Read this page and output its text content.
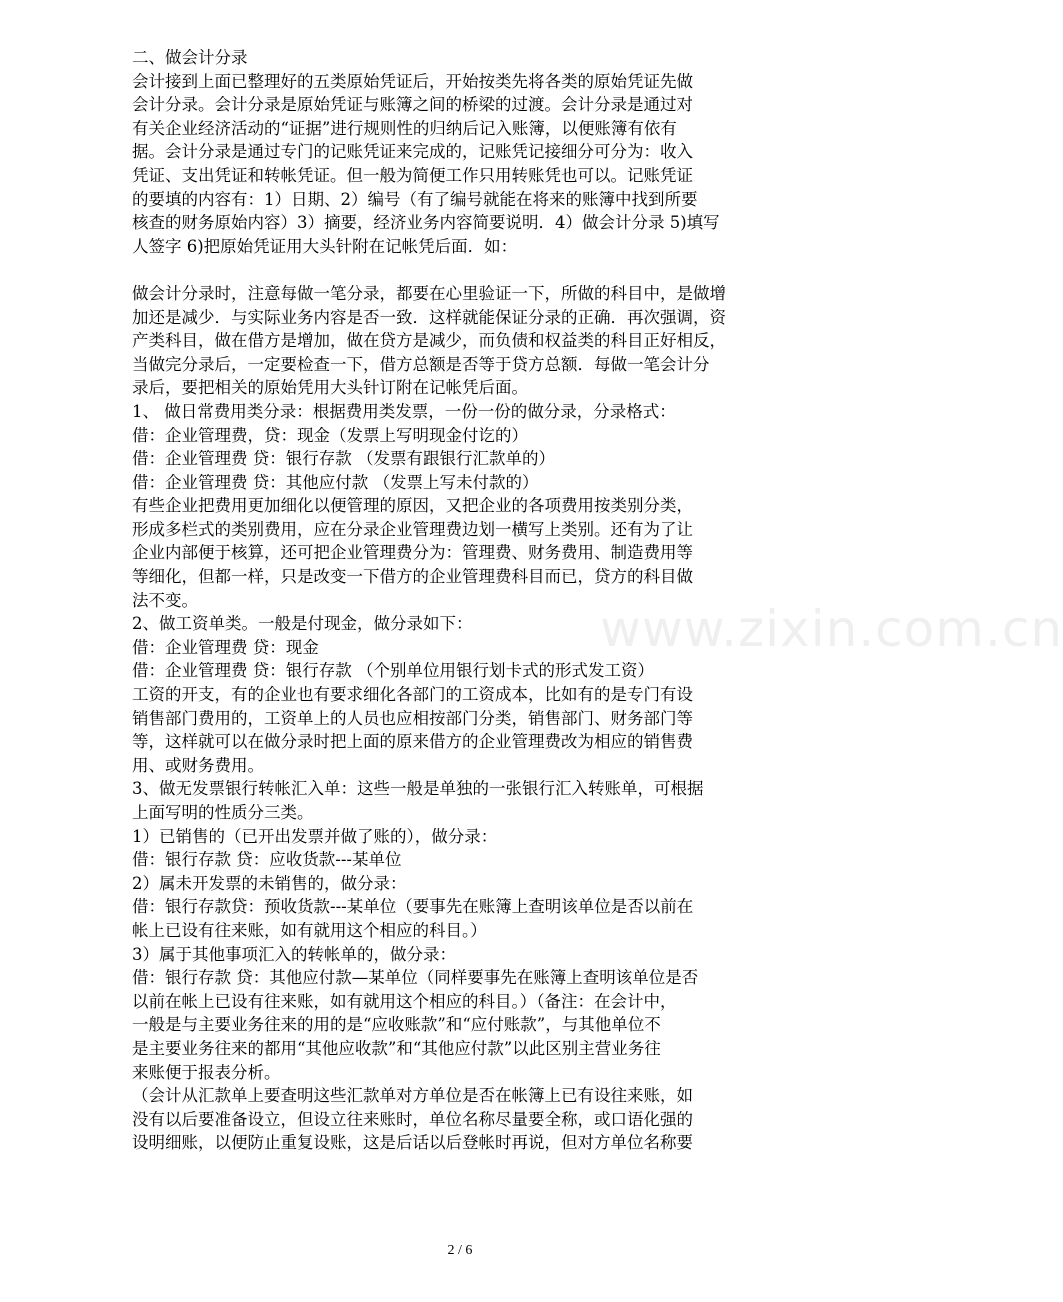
二、做会计分录
会计接到上面已整理好的五类原始凭证后，开始按类先将各类的原始凭证先做
会计分录。会计分录是原始凭证与账簿之间的桥梁的过渡。会计分录是通过对
有关企业经济活动的“证据”进行规则性的归纳后记入账簿，以便账簿有依有
据。会计分录是通过专门的记账凭证来完成的，记账凭记接细分可分为：收入
凭证、支出凭证和转帐凭证。但一般为简便工作只用转账凭也可以。记账凭证
的要填的内容有：1）日期、2）编号（有了编号就能在将来的账簿中找到所要
核查的财务原始内容）3）摘要，经济业务内容简要说明．4）做会计分录 5)填写
人签字 6)把原始凭证用大头针附在记帐凭后面．如：
做会计分录时，注意每做一笔分录，都要在心里验证一下，所做的科目中，是做增
加还是减少．与实际业务内容是否一致．这样就能保证分录的正确．再次强调，资
产类科目，做在借方是增加，做在贷方是减少，而负债和权益类的科目正好相反，
当做完分录后，一定要检查一下，借方总额是否等于贷方总额．每做一笔会计分
录后，要把相关的原始凭用大头针订附在记帐凭后面。
1、 做日常费用类分录：根据费用类发票，一份一份的做分录，分录格式：
借：企业管理费，贷：现金（发票上写明现金付讫的）
借：企业管理费 贷：银行存款 （发票有跟银行汇款单的）
借：企业管理费 贷：其他应付款 （发票上写未付款的）
有些企业把费用更加细化以便管理的原因，又把企业的各项费用按类别分类，
形成多栏式的类别费用，应在分录企业管理费边划一横写上类别。还有为了让
企业内部便于核算，还可把企业管理费分为：管理费、财务费用、制造费用等
等细化，但都一样，只是改变一下借方的企业管理费科目而已，贷方的科目做
法不变。
2、做工资单类。一般是付现金，做分录如下：
借：企业管理费 贷：现金
借：企业管理费 贷：银行存款 （个别单位用银行划卡式的形式发工资）
工资的开支，有的企业也有要求细化各部门的工资成本，比如有的是专门有设
销售部门费用的，工资单上的人员也应相按部门分类，销售部门、财务部门等
等，这样就可以在做分录时把上面的原来借方的企业管理费改为相应的销售费
用、或财务费用。
3、做无发票银行转帐汇入单：这些一般是单独的一张银行汇入转账单，可根据
上面写明的性质分三类。
1）已销售的（已开出发票并做了账的），做分录：
借：银行存款 贷：应收货款---某单位
2）属未开发票的未销售的，做分录：
借：银行存款贷：预收货款---某单位（要事先在账簿上查明该单位是否以前在
帐上已设有往来账，如有就用这个相应的科目。）
3）属于其他事项汇入的转帐单的，做分录：
借：银行存款 贷：其他应付款—某单位（同样要事先在账簿上查明该单位是否
以前在帐上已设有往来账，如有就用这个相应的科目。）（备注：在会计中，
一般是与主要业务往来的用的是“应收账款”和“应付账款”，与其他单位不
是主要业务往来的都用“其他应收款”和“其他应付款”以此区别主营业务往
来账便于报表分析。
（会计从汇款单上要查明这些汇款单对方单位是否在帐簿上已有设往来账，如
没有以后要准备设立，但设立往来账时，单位名称尽量要全称，或口语化强的
设明细账，以便防止重复设账，这是后话以后登帐时再说，但对方单位名称要
www.zixin.com.cn
2 / 6
